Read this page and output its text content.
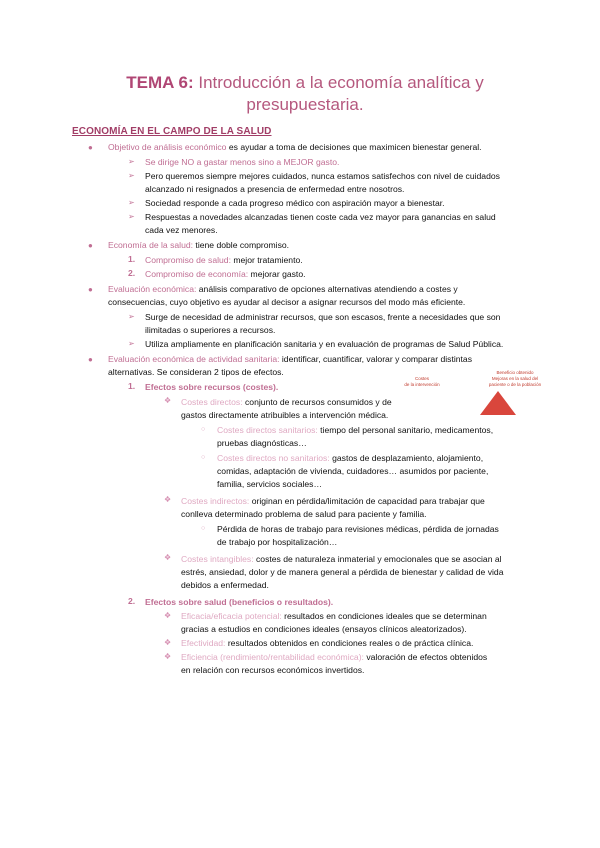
TEMA 6: Introducción a la economía analítica y
presupuestaria.
ECONOMÍA EN EL CAMPO DE LA SALUD
● Objetivo de análisis económico es ayudar a toma de decisiones que maximicen bienestar general.
➢ Se dirige NO a gastar menos sino a MEJOR gasto.
➢ Pero queremos siempre mejores cuidados, nunca estamos satisfechos con nivel de cuidados
alcanzado ni resignados a presencia de enfermedad entre nosotros.
➢ Sociedad responde a cada progreso médico con aspiración mayor a bienestar.
➢ Respuestas a novedades alcanzadas tienen coste cada vez mayor para ganancias en salud
cada vez menores.
● Economía de la salud: tiene doble compromiso.
1. Compromiso de salud: mejor tratamiento.
2. Compromiso de economía: mejorar gasto.
● Evaluación económica: análisis comparativo de opciones alternativas atendiendo a costes y
consecuencias, cuyo objetivo es ayudar al decisor a asignar recursos del modo más eficiente.
➢ Surge de necesidad de administrar recursos, que son escasos, frente a necesidades que son
ilimitadas o superiores a recursos.
➢ Utiliza ampliamente en planificación sanitaria y en evaluación de programas de Salud Pública.
● Evaluación económica de actividad sanitaria: identificar, cuantificar, valorar y comparar distintas
alternativas. Se consideran 2 tipos de efectos.
1. Efectos sobre recursos (costes).
❖ Costes directos: conjunto de recursos consumidos y de
gastos directamente atribuibles a intervención médica.
○ Costes directos sanitarios: tiempo del personal sanitario, medicamentos,
pruebas diagnósticas…
○ Costes directos no sanitarios: gastos de desplazamiento, alojamiento,
comidas, adaptación de vivienda, cuidadores… asumidos por paciente,
familia, servicios sociales…
❖ Costes indirectos: originan en pérdida/limitación de capacidad para trabajar que
conlleva determinado problema de salud para paciente y familia.
○ Pérdida de horas de trabajo para revisiones médicas, pérdida de jornadas
de trabajo por hospitalización…
❖ Costes intangibles: costes de naturaleza inmaterial y emocionales que se asocian al
estrés, ansiedad, dolor y de manera general a pérdida de bienestar y calidad de vida
debidos a enfermedad.
2. Efectos sobre salud (beneficios o resultados).
❖ Eficacia/eficacia potencial: resultados en condiciones ideales que se determinan
gracias a estudios en condiciones ideales (ensayos clínicos aleatorizados).
❖ Efectividad: resultados obtenidos en condiciones reales o de práctica clínica.
❖ Eficiencia (rendimiento/rentabilidad económica): valoración de efectos obtenidos
en relación con recursos económicos invertidos.
Costes
de la intervención
Beneficio obtenido
Mejoras en la salud del
paciente o de la población
